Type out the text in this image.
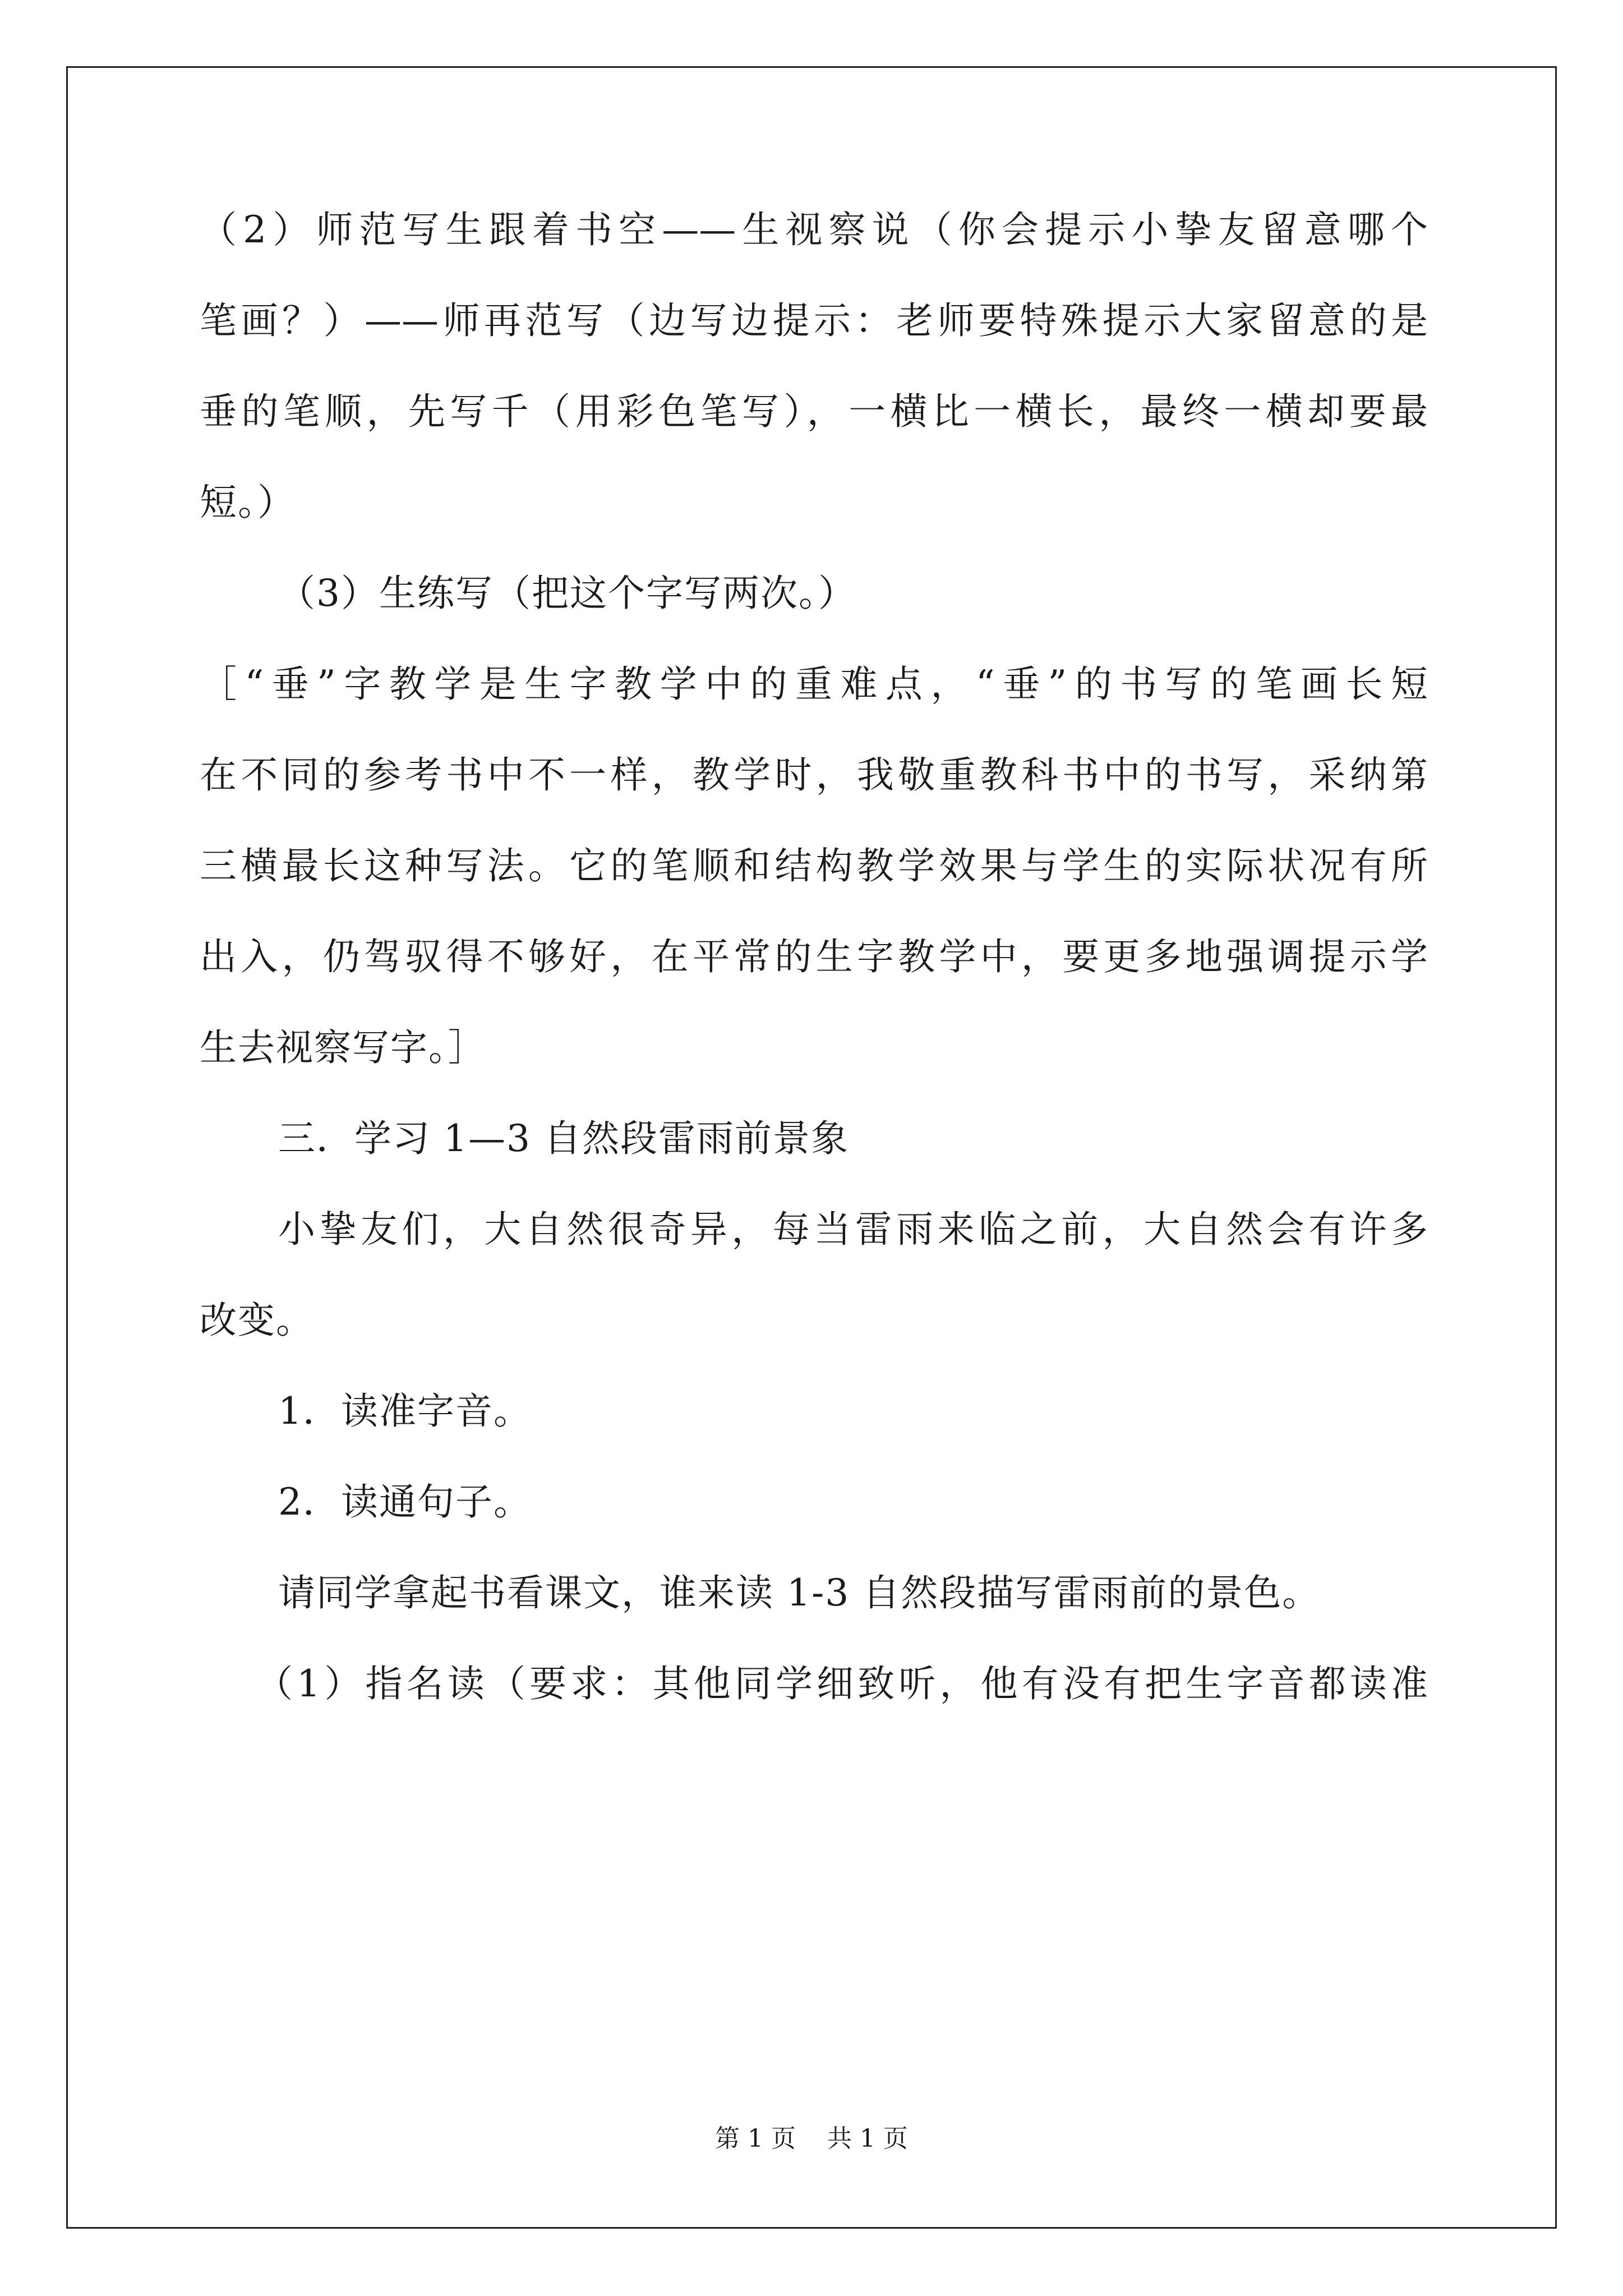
（2）师范写生跟着书空——生视察说（你会提示小挚友留意哪个
笔画？）——师再范写（边写边提示：老师要特殊提示大家留意的是
垂的笔顺，先写千（用彩色笔写），一横比一横长，最终一横却要最
短。）
（3）生练写（把这个字写两次。）
［“垂”字教学是生字教学中的重难点，“垂”的书写的笔画长短
在不同的参考书中不一样，教学时，我敬重教科书中的书写，采纳第
三横最长这种写法。它的笔顺和结构教学效果与学生的实际状况有所
出入，仍驾驭得不够好，在平常的生字教学中，要更多地强调提示学
生去视察写字。］
三．学习 1—3 自然段雷雨前景象
小挚友们，大自然很奇异，每当雷雨来临之前，大自然会有许多
改变。
1．读准字音。
2．读通句子。
请同学拿起书看课文，谁来读 1-3 自然段描写雷雨前的景色。
（1）指名读（要求：其他同学细致听，他有没有把生字音都读准
第 1 页    共 1 页
